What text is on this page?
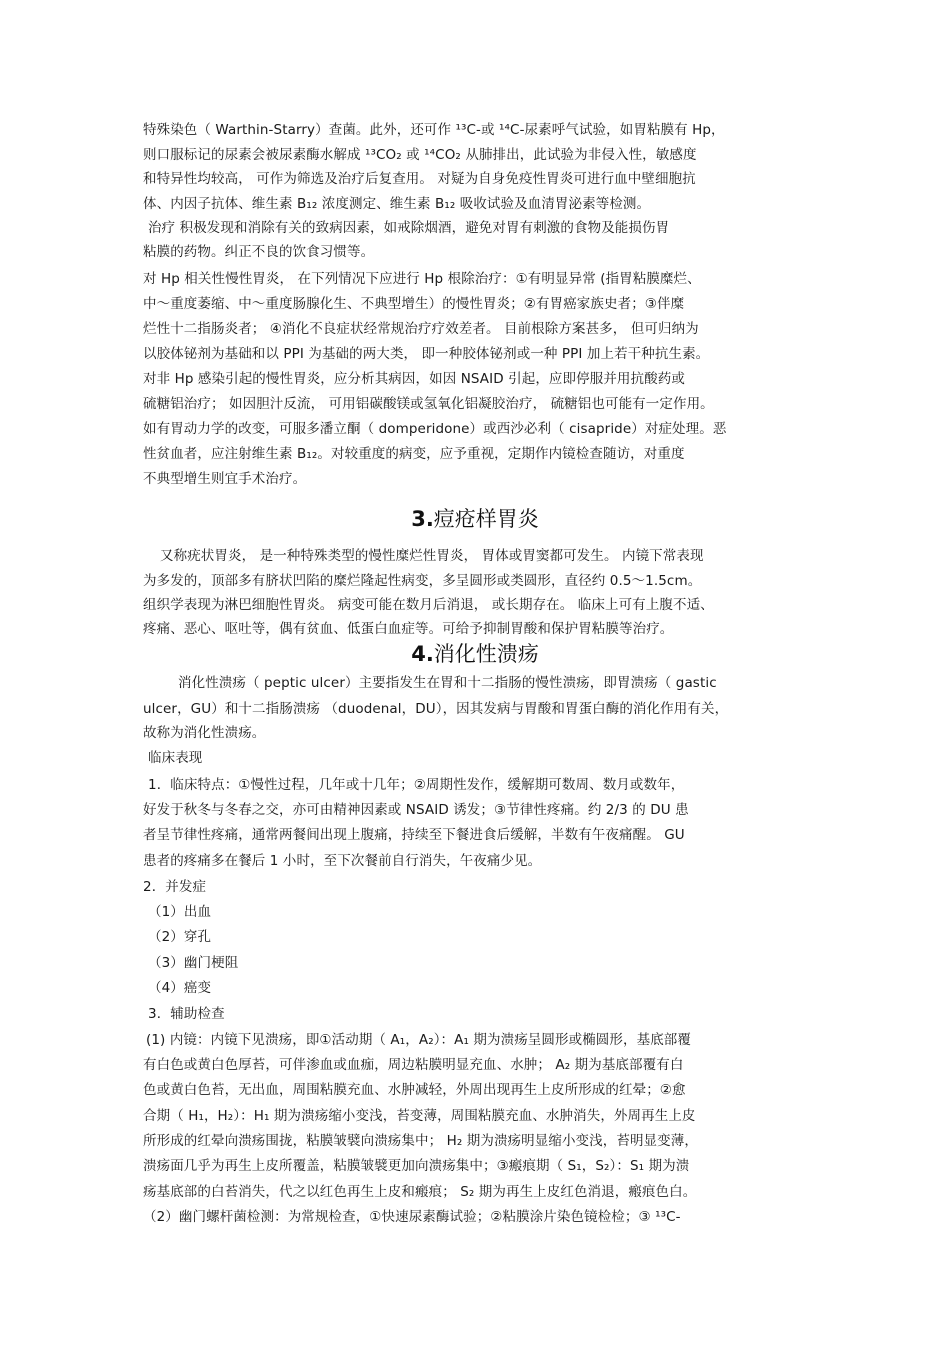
特殊染色（ Warthin-Starry）查菌。此外，还可作 ¹³C-或 ¹⁴C-尿素呼气试验，如胃粘膜有 Hp，
则口服标记的尿素会被尿素酶水解成 ¹³CO₂ 或 ¹⁴CO₂ 从肺排出，此试验为非侵入性，敏感度
和特异性均较高， 可作为筛选及治疗后复查用。 对疑为自身免疫性胃炎可进行血中壁细胞抗
体、内因子抗体、维生素 B₁₂ 浓度测定、维生素 B₁₂ 吸收试验及血清胃泌素等检测。
治疗 积极发现和消除有关的致病因素，如戒除烟酒，避免对胃有刺激的食物及能损伤胃
粘膜的药物。纠正不良的饮食习惯等。
对 Hp 相关性慢性胃炎， 在下列情况下应进行 Hp 根除治疗：①有明显异常 (指胃粘膜糜烂、
中～重度萎缩、中～重度肠腺化生、不典型增生）的慢性胃炎；②有胃癌家族史者；③伴糜
烂性十二指肠炎者； ④消化不良症状经常规治疗疗效差者。 目前根除方案甚多， 但可归纳为
以胶体铋剂为基础和以 PPI 为基础的两大类， 即一种胶体铋剂或一种 PPI 加上若干种抗生素。
对非 Hp 感染引起的慢性胃炎，应分析其病因，如因 NSAID 引起，应即停服并用抗酸药或
硫糖铝治疗； 如因胆汁反流， 可用铝碳酸镁或氢氧化铝凝胶治疗， 硫糖铝也可能有一定作用。
如有胃动力学的改变，可服多潘立酮（ domperidone）或西沙必利（ cisapride）对症处理。恶
性贫血者，应注射维生素 B₁₂。对较重度的病变，应予重视，定期作内镜检查随访，对重度
不典型增生则宜手术治疗。
3.痘疮样胃炎
又称疣状胃炎， 是一种特殊类型的慢性糜烂性胃炎， 胃体或胃窦都可发生。 内镜下常表现
为多发的，顶部多有脐状凹陷的糜烂隆起性病变，多呈圆形或类圆形，直径约 0.5～1.5cm。
组织学表现为淋巴细胞性胃炎。 病变可能在数月后消退， 或长期存在。 临床上可有上腹不适、
疼痛、恶心、呕吐等，偶有贫血、低蛋白血症等。可给予抑制胃酸和保护胃粘膜等治疗。
4.消化性溃疡
消化性溃疡（ peptic ulcer）主要指发生在胃和十二指肠的慢性溃疡，即胃溃疡（ gastic
ulcer，GU）和十二指肠溃疡 （duodenal，DU），因其发病与胃酸和胃蛋白酶的消化作用有关，
故称为消化性溃疡。
临床表现
1．临床特点：①慢性过程，几年或十几年；②周期性发作，缓解期可数周、数月或数年，
好发于秋冬与冬春之交，亦可由精神因素或 NSAID 诱发；③节律性疼痛。约 2/3 的 DU 患
者呈节律性疼痛，通常两餐间出现上腹痛，持续至下餐进食后缓解，半数有午夜痛醒。 GU
患者的疼痛多在餐后 1 小时，至下次餐前自行消失，午夜痛少见。
2．并发症
（1）出血
（2）穿孔
（3）幽门梗阻
（4）癌变
3．辅助检查
(1) 内镜：内镜下见溃疡，即①活动期（ A₁，A₂）：A₁ 期为溃疡呈圆形或椭圆形，基底部覆
有白色或黄白色厚苔，可伴渗血或血痂，周边粘膜明显充血、水肿； A₂ 期为基底部覆有白
色或黄白色苔，无出血，周围粘膜充血、水肿减轻，外周出现再生上皮所形成的红晕；②愈
合期（ H₁，H₂）：H₁ 期为溃疡缩小变浅，苔变薄，周围粘膜充血、水肿消失，外周再生上皮
所形成的红晕向溃疡围拢，粘膜皱襞向溃疡集中； H₂ 期为溃疡明显缩小变浅，苔明显变薄，
溃疡面几乎为再生上皮所覆盖，粘膜皱襞更加向溃疡集中；③瘢痕期（ S₁，S₂）：S₁ 期为溃
疡基底部的白苔消失，代之以红色再生上皮和瘢痕； S₂ 期为再生上皮红色消退，瘢痕色白。
（2）幽门螺杆菌检测：为常规检查，①快速尿素酶试验；②粘膜涂片染色镜检检；③ ¹³C-
